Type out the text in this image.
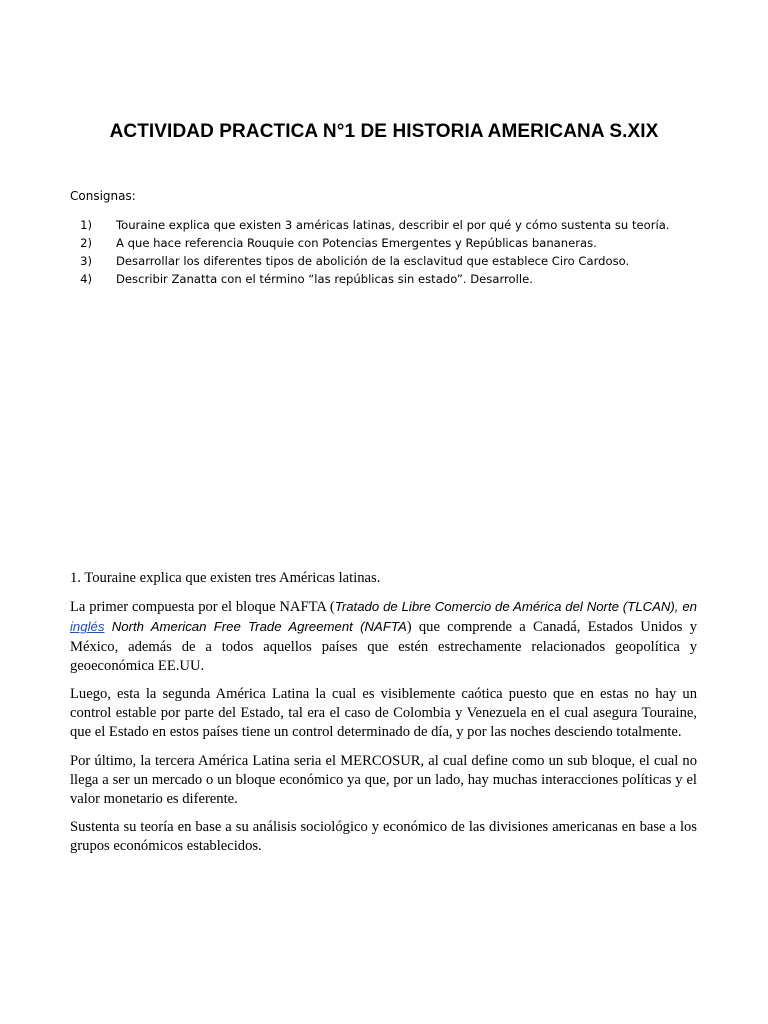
ACTIVIDAD PRACTICA N°1 DE HISTORIA AMERICANA S.XIX

Consignas:

1) Touraine explica que existen 3 américas latinas, describir el por qué y cómo sustenta su teoría.
2) A que hace referencia Rouquie con Potencias Emergentes y Repúblicas bananeras.
3) Desarrollar los diferentes tipos de abolición de la esclavitud que establece Ciro Cardoso.
4) Describir Zanatta con el término “las repúblicas sin estado”. Desarrolle.

1. Touraine explica que existen tres Américas latinas.

La primer compuesta por el bloque NAFTA (Tratado de Libre Comercio de América del Norte (TLCAN), en inglés North American Free Trade Agreement (NAFTA) que comprende a Canadá, Estados Unidos y México, además de a todos aquellos países que estén estrechamente relacionados geopolítica y geoeconómica EE.UU.

Luego, esta la segunda América Latina la cual es visiblemente caótica puesto que en estas no hay un control estable por parte del Estado, tal era el caso de Colombia y Venezuela en el cual asegura Touraine, que el Estado en estos países tiene un control determinado de día, y por las noches desciendo totalmente.

Por último, la tercera América Latina seria el MERCOSUR, al cual define como un sub bloque, el cual no llega a ser un mercado o un bloque económico ya que, por un lado, hay muchas interacciones políticas y el valor monetario es diferente.

Sustenta su teoría en base a su análisis sociológico y económico de las divisiones americanas en base a los grupos económicos establecidos.
